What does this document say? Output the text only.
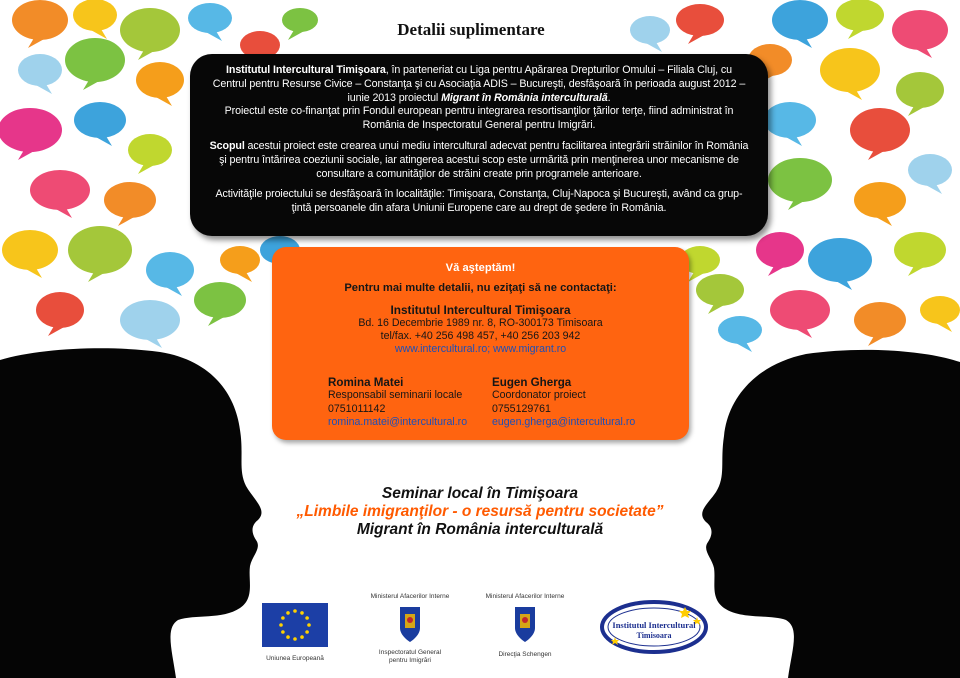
Detalii suplimentare

Institutul Intercultural Timişoara, în parteneriat cu Liga pentru Apărarea Drepturilor Omului – Filiala Cluj, cu Centrul pentru Resurse Civice – Constanţa şi cu Asociaţia ADIS – Bucureşti, desfăşoară în perioada august 2012 – iunie 2013 proiectul Migrant în România interculturală.
Proiectul este co-finanţat prin Fondul european pentru integrarea resortisanţilor ţărilor terţe, fiind administrat în România de Inspectoratul General pentru Imigrări.

Scopul acestui proiect este crearea unui mediu intercultural adecvat pentru facilitarea integrării străinilor în România şi pentru întărirea coeziunii sociale, iar atingerea acestui scop este urmărită prin menţinerea unor mecanisme de consultare a comunităţilor de străini create prin programele anterioare.

Activităţile proiectului se desfăşoară în localităţile: Timişoara, Constanţa, Cluj-Napoca şi Bucureşti, având ca grup-ţintă persoanele din afara Uniunii Europene care au drept de şedere în România.

Vă aşteptăm!
Pentru mai multe detalii, nu eziţaţi să ne contactaţi:
Institutul Intercultural Timişoara
Bd. 16 Decembrie 1989 nr. 8, RO-300173 Timisoara
tel/fax. +40 256 498 457, +40 256 203 942
www.intercultural.ro; www.migrant.ro
Romina Matei
Responsabil seminarii locale
0751011142
romina.matei@intercultural.ro
Eugen Gherga
Coordonator proiect
0755129761
eugen.gherga@intercultural.ro
Seminar local în Timişoara
„Limbile imigranţilor - o resursă pentru societate”
Migrant în România interculturală
Uniunea Europeană
Ministerul Afacerilor Interne
Inspectoratul General
pentru Imigrări
Ministerul Afacerilor Interne
Direcţia Schengen
Institutul Intercultural
Timisoara
